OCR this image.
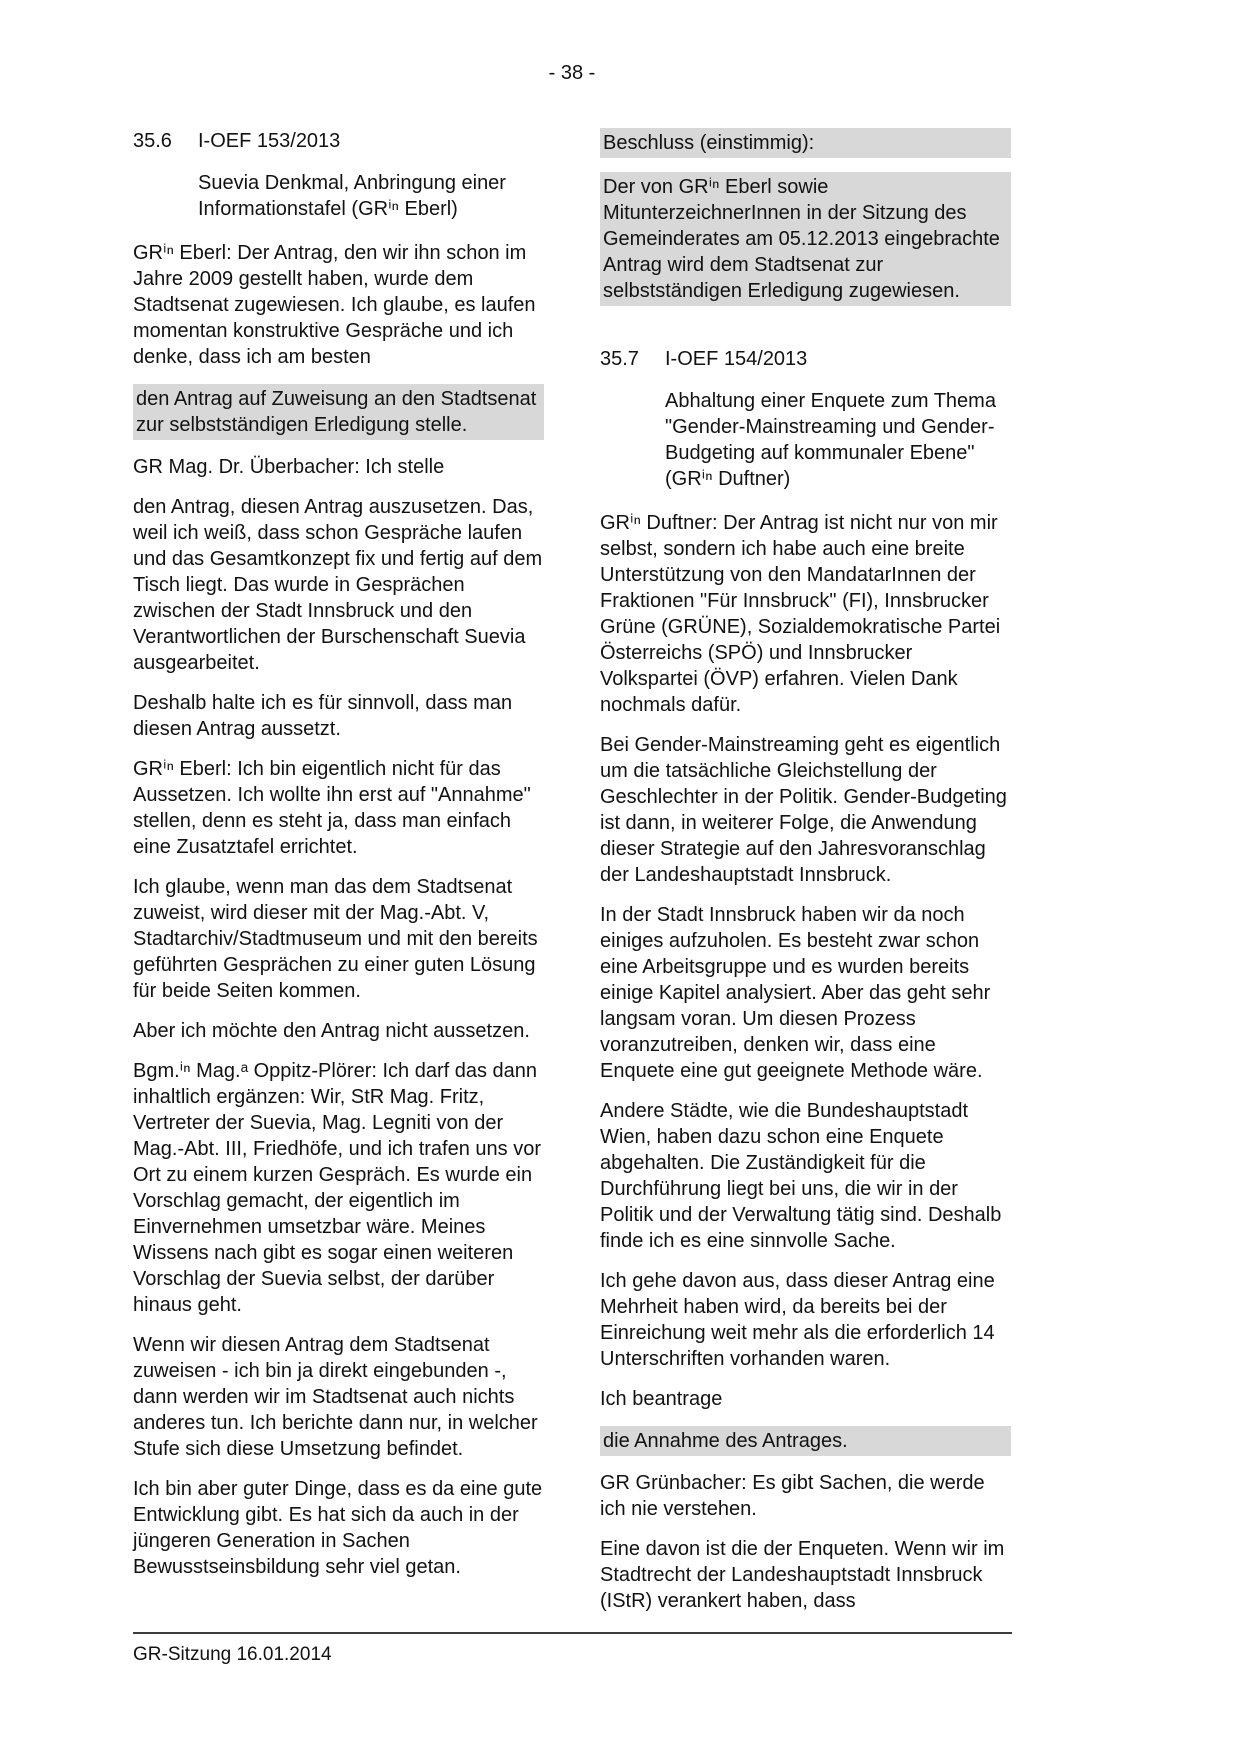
- 38 -
35.6	I-OEF 153/2013
Suevia Denkmal, Anbringung einer Informationstafel (GRⁱⁿ Eberl)

GRⁱⁿ Eberl: Der Antrag, den wir ihn schon im Jahre 2009 gestellt haben, wurde dem Stadtsenat zugewiesen. Ich glaube, es laufen momentan konstruktive Gespräche und ich denke, dass ich am besten

den Antrag auf Zuweisung an den Stadtsenat zur selbstständigen Erledigung stelle.

GR Mag. Dr. Überbacher: Ich stelle

den Antrag, diesen Antrag auszusetzen. Das, weil ich weiß, dass schon Gespräche laufen und das Gesamtkonzept fix und fertig auf dem Tisch liegt. Das wurde in Gesprächen zwischen der Stadt Innsbruck und den Verantwortlichen der Burschenschaft Suevia ausgearbeitet.

Deshalb halte ich es für sinnvoll, dass man diesen Antrag aussetzt.

GRⁱⁿ Eberl: Ich bin eigentlich nicht für das Aussetzen. Ich wollte ihn erst auf "Annahme" stellen, denn es steht ja, dass man einfach eine Zusatztafel errichtet.

Ich glaube, wenn man das dem Stadtsenat zuweist, wird dieser mit der Mag.-Abt. V, Stadtarchiv/Stadtmuseum und mit den bereits geführten Gesprächen zu einer guten Lösung für beide Seiten kommen.

Aber ich möchte den Antrag nicht aussetzen.

Bgm.ⁱⁿ Mag.ᵃ Oppitz-Plörer: Ich darf das dann inhaltlich ergänzen: Wir, StR Mag. Fritz, Vertreter der Suevia, Mag. Legniti von der Mag.-Abt. III, Friedhöfe, und ich trafen uns vor Ort zu einem kurzen Gespräch. Es wurde ein Vorschlag gemacht, der eigentlich im Einvernehmen umsetzbar wäre. Meines Wissens nach gibt es sogar einen weiteren Vorschlag der Suevia selbst, der darüber hinaus geht.

Wenn wir diesen Antrag dem Stadtsenat zuweisen - ich bin ja direkt eingebunden -, dann werden wir im Stadtsenat auch nichts anderes tun. Ich berichte dann nur, in welcher Stufe sich diese Umsetzung befindet.

Ich bin aber guter Dinge, dass es da eine gute Entwicklung gibt. Es hat sich da auch in der jüngeren Generation in Sachen Bewusstseinsbildung sehr viel getan.

Beschluss (einstimmig):

Der von GRⁱⁿ Eberl sowie MitunterzeichnerInnen in der Sitzung des Gemeinderates am 05.12.2013 eingebrachte Antrag wird dem Stadtsenat zur selbstständigen Erledigung zugewiesen.

35.7	I-OEF 154/2013
Abhaltung einer Enquete zum Thema "Gender-Mainstreaming und Gender-Budgeting auf kommunaler Ebene" (GRⁱⁿ Duftner)

GRⁱⁿ Duftner: Der Antrag ist nicht nur von mir selbst, sondern ich habe auch eine breite Unterstützung von den MandatarInnen der Fraktionen "Für Innsbruck" (FI), Innsbrucker Grüne (GRÜNE), Sozialdemokratische Partei Österreichs (SPÖ) und Innsbrucker Volkspartei (ÖVP) erfahren. Vielen Dank nochmals dafür.

Bei Gender-Mainstreaming geht es eigentlich um die tatsächliche Gleichstellung der Geschlechter in der Politik. Gender-Budgeting ist dann, in weiterer Folge, die Anwendung dieser Strategie auf den Jahresvoranschlag der Landeshauptstadt Innsbruck.

In der Stadt Innsbruck haben wir da noch einiges aufzuholen. Es besteht zwar schon eine Arbeitsgruppe und es wurden bereits einige Kapitel analysiert. Aber das geht sehr langsam voran. Um diesen Prozess voranzutreiben, denken wir, dass eine Enquete eine gut geeignete Methode wäre.

Andere Städte, wie die Bundeshauptstadt Wien, haben dazu schon eine Enquete abgehalten. Die Zuständigkeit für die Durchführung liegt bei uns, die wir in der Politik und der Verwaltung tätig sind. Deshalb finde ich es eine sinnvolle Sache.

Ich gehe davon aus, dass dieser Antrag eine Mehrheit haben wird, da bereits bei der Einreichung weit mehr als die erforderlich 14 Unterschriften vorhanden waren.

Ich beantrage

die Annahme des Antrages.

GR Grünbacher: Es gibt Sachen, die werde ich nie verstehen.

Eine davon ist die der Enqueten. Wenn wir im Stadtrecht der Landeshauptstadt Innsbruck (IStR) verankert haben, dass

GR-Sitzung 16.01.2014
